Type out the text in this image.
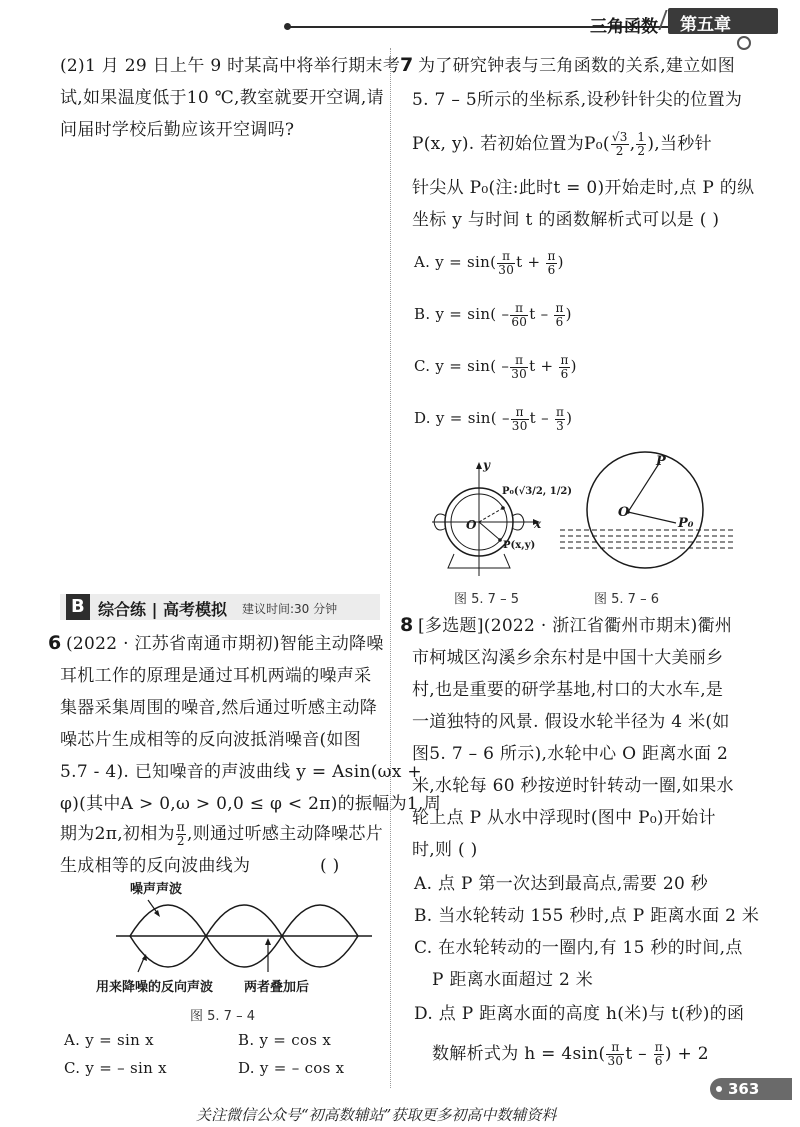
三角函数 第五章
(2)1 月 29 日上午 9 时某高中将举行期末考
试,如果温度低于10 ℃,教室就要开空调,请
问届时学校后勤应该开空调吗?
B 综合练 | 高考模拟 建议时间:30 分钟
6 (2022 · 江苏省南通市期初)智能主动降噪
耳机工作的原理是通过耳机两端的噪声采
集器采集周围的噪音,然后通过听感主动降
噪芯片生成相等的反向波抵消噪音(如图
5.7 - 4). 已知噪音的声波曲线 y = Asin(ωx +
φ)(其中A > 0,ω > 0,0 ≤ φ < 2π)的振幅为1,周
期为2π,初相为 $\frac{\pi}{2}$ ,则通过听感主动降噪芯片
生成相等的反向波曲线为	( )
噪声声波
用来降噪的反向声波 两者叠加后
图 5. 7 – 4
A. y = sin x	B. y = cos x
C. y = – sin x	D. y = – cos x
7 为了研究钟表与三角函数的关系,建立如图
5. 7 – 5所示的坐标系,设秒针针尖的位置为
P(x, y). 若初始位置为$P_0( \frac{√3}{2}$ , $\frac{1}{2}$ ),当秒针
针尖从 P₀(注:此时t = 0)开始走时,点 P 的纵
坐标 y 与时间 t 的函数解析式可以是 ( )
A. $y = \sin( \frac{\pi}{30}$ $t + \frac{\pi}{6}$ )
B. $y = \sin( - \frac{\pi}{60}$ t – $\frac{\pi}{6}$ )
C. $y = \sin( - \frac{\pi}{30}$ $t + \frac{\pi}{6}$ )
D. $y = \sin( - \frac{\pi}{30}$ t – $\frac{\pi}{3}$ )
y
x
O
P₀(√3/2, 1/2)
P(x,y)
P
O
P₀
图 5. 7 – 5	图 5. 7 – 6
8 [多选题](2022 · 浙江省衢州市期末)衢州
市柯城区沟溪乡余东村是中国十大美丽乡
村,也是重要的研学基地,村口的大水车,是
一道独特的风景. 假设水轮半径为 4 米(如
图5. 7 – 6 所示),水轮中心 O 距离水面 2
米,水轮每 60 秒按逆时针转动一圈,如果水
轮上点 P 从水中浮现时(图中 P₀)开始计
时,则 ( )
A. 点 P 第一次达到最高点,需要 20 秒
B. 当水轮转动 155 秒时,点 P 距离水面 2 米
C. 在水轮转动的一圈内,有 15 秒的时间,点
P 距离水面超过 2 米
D. 点 P 距离水面的高度 h(米)与 t(秒)的函
数解析式为 $h = 4\sin( \frac{\pi}{30}$ t – $\frac{\pi}{6}$ ) + 2
363
关注微信公众号“初高数辅站”获取更多初高中数辅资料
